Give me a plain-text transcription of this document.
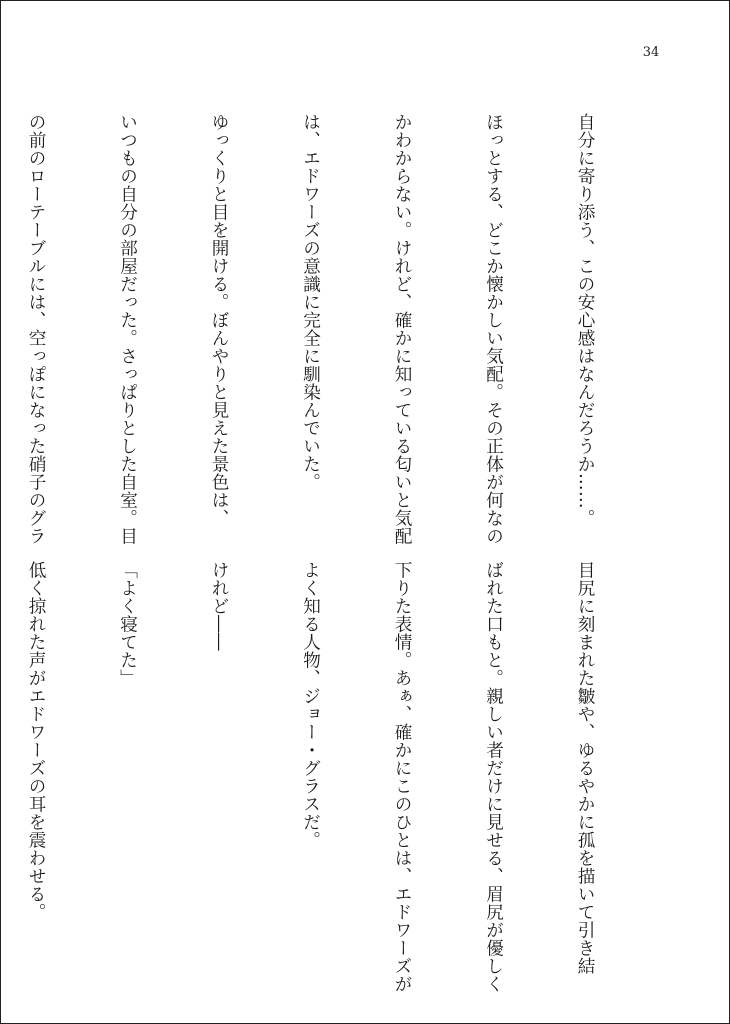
34

自分に寄り添う、この安心感はなんだろうか……。

ほっとする、どこか懐かしい気配。その正体が何なの

かわからない。けれど、確かに知っている匂いと気配

は、エドワーズの意識に完全に馴染んでいた。

ゆっくりと目を開ける。ぼんやりと見えた景色は、

いつもの自分の部屋だった。さっぱりとした自室。目

の前のローテーブルには、空っぽになった硝子のグラ

目尻に刻まれた皺や、ゆるやかに孤を描いて引き結

ばれた口もと。親しい者だけに見せる、眉尻が優しく

下りた表情。あぁ、確かにこのひとは、エドワーズが

よく知る人物、ジョー・グラスだ。

けれど――

「よく寝てた」

低く掠れた声がエドワーズの耳を震わせる。
